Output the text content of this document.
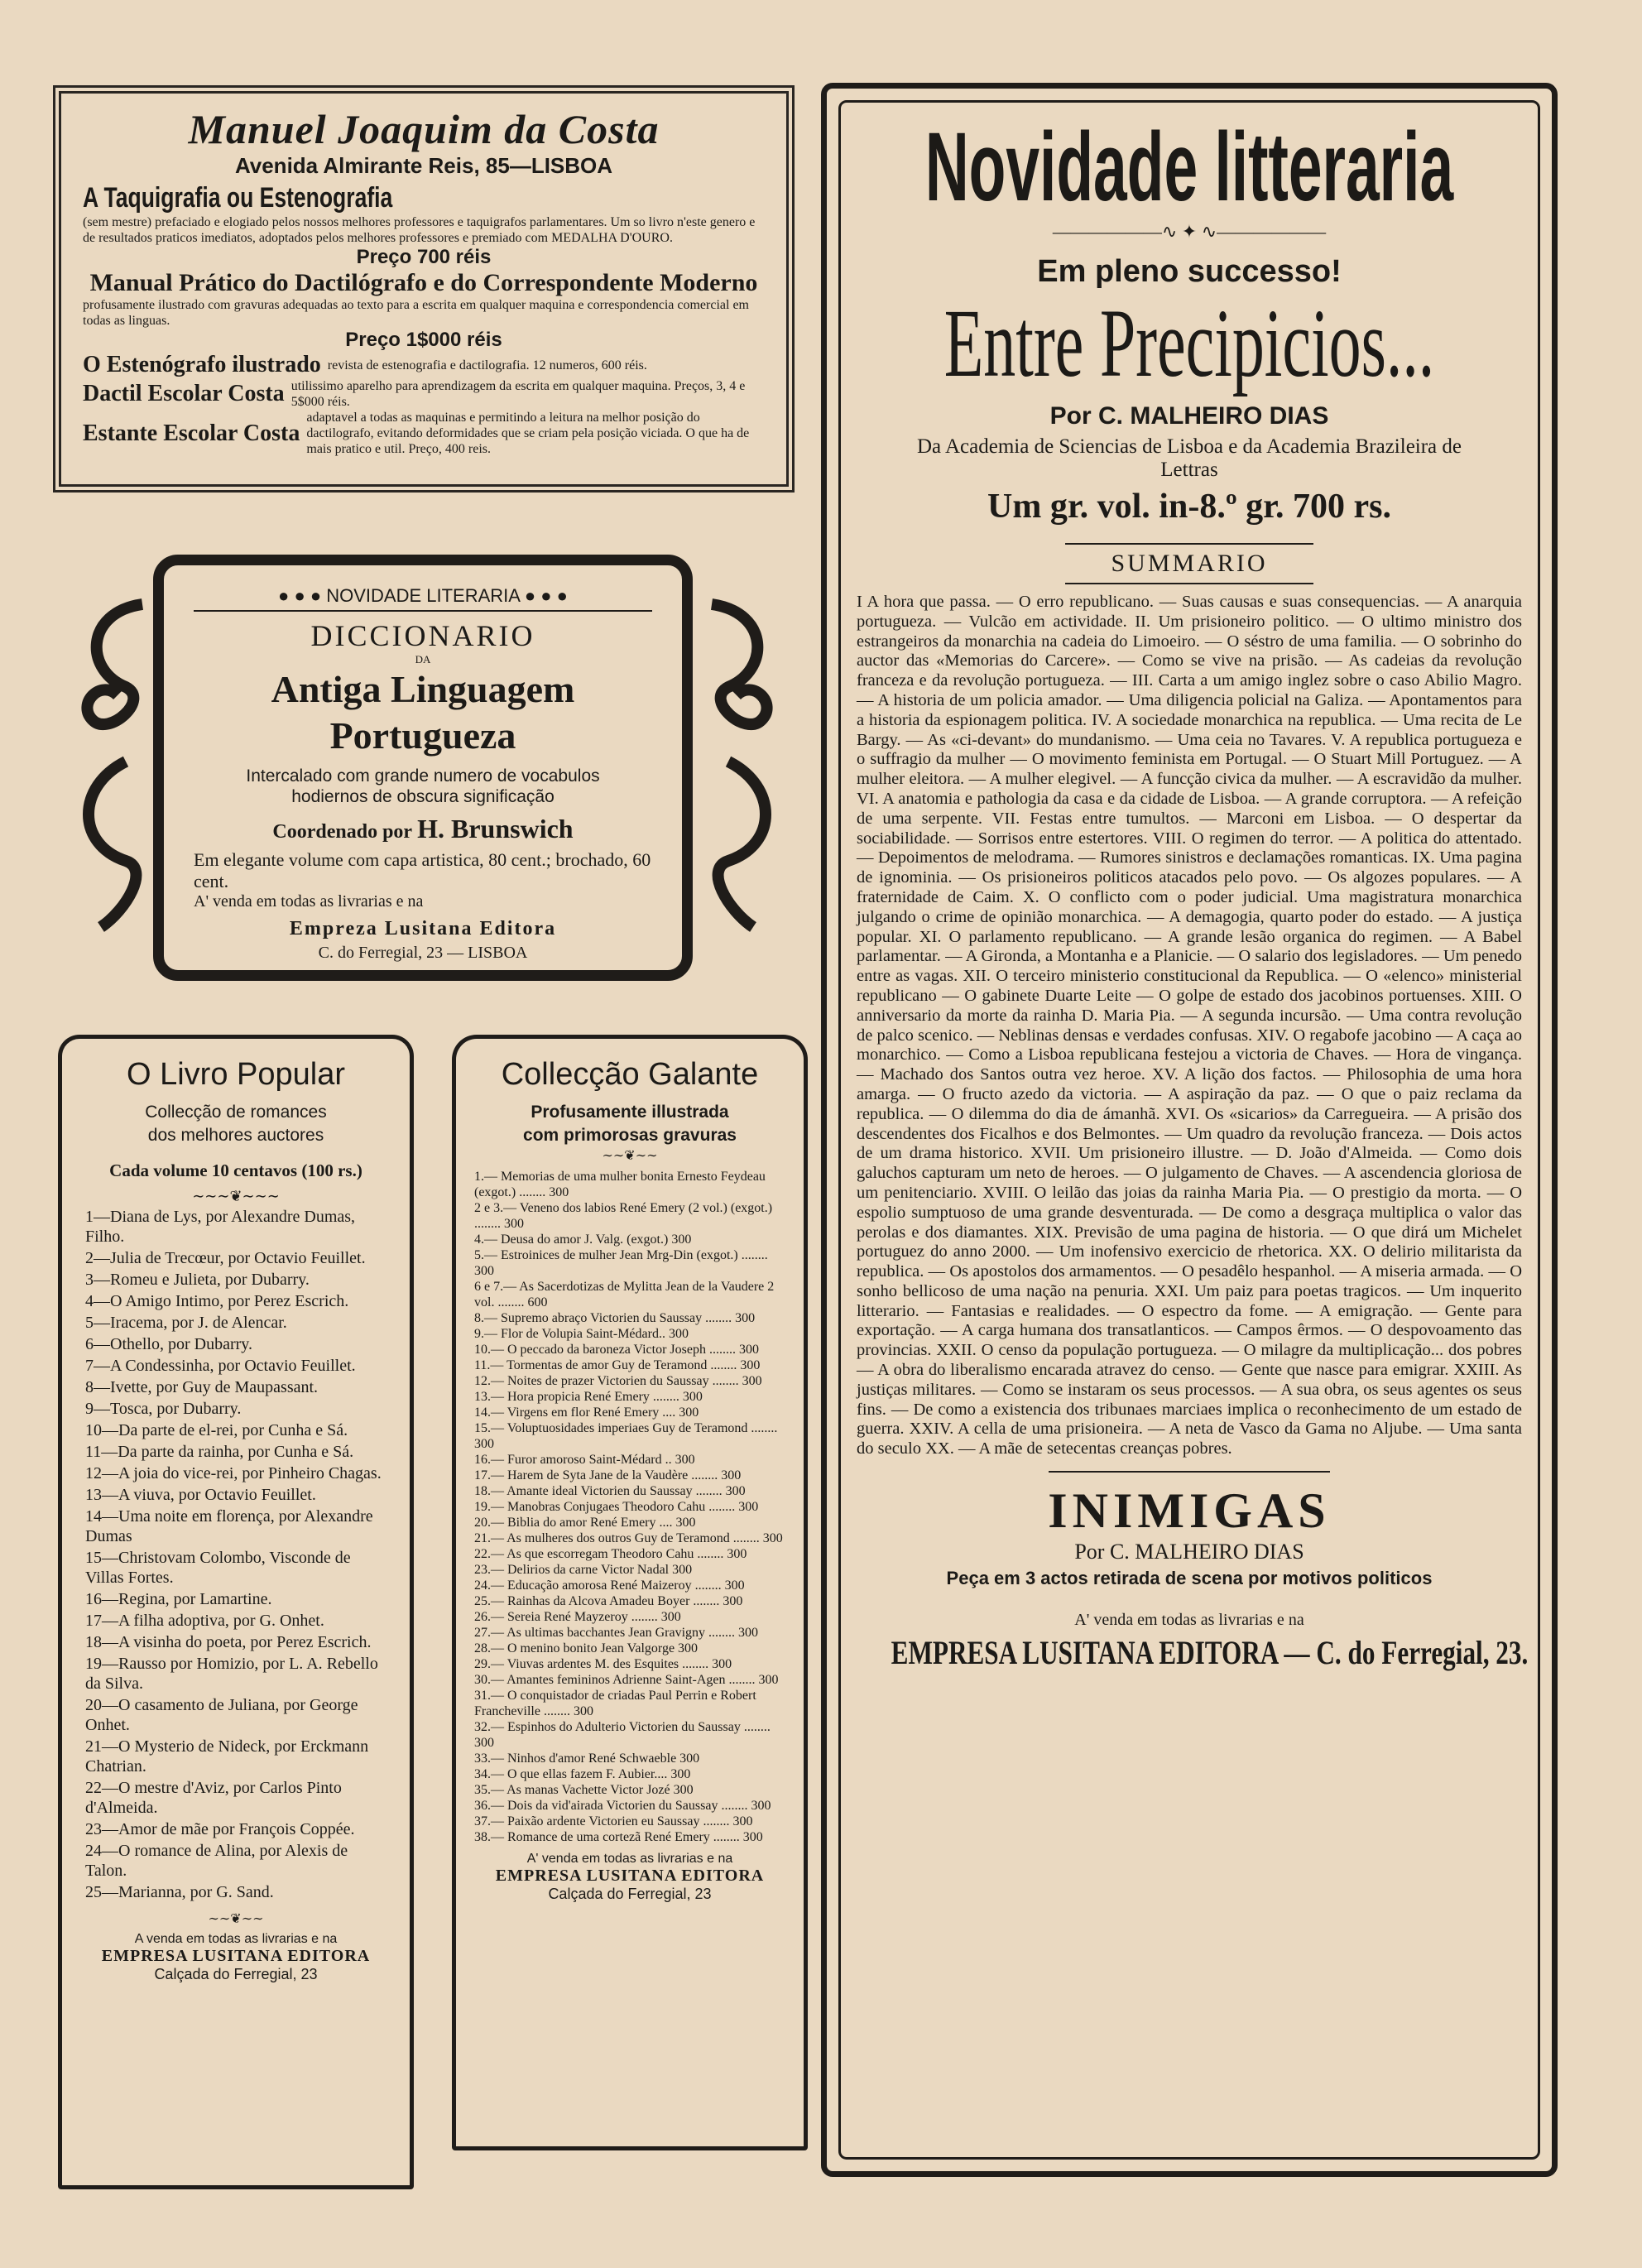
Manuel Joaquim da Costa
Avenida Almirante Reis, 85—LISBOA
A Taquigrafia ou Estenografia

(sem mestre) prefaciado e elogiado pelos nossos melhores professores e taquigrafos parlamentares. Um so livro n'este genero e de resultados praticos imediatos, adoptados pelos melhores professores e premiado com MEDALHA D'OURO.

Preço 700 réis
Manual Prático do Dactilógrafo e do Correspondente Moderno

profusamente ilustrado com gravuras adequadas ao texto para a escrita em qualquer maquina e correspondencia comercial em todas as linguas.

Preço 1$000 réis
O Estenógrafo ilustrado revista de estenografia e dactilografia. 12 numeros, 600 réis.

Dactil Escolar Costa utilissimo aparelho para aprendizagem da escrita em qualquer maquina. Preços, 3, 4 e 5$000 réis.

Estante Escolar Costa

adaptavel a todas as maquinas e permitindo a leitura na melhor posição do dactilografo, evitando deformidades que se criam pela posição viciada. O que ha de mais pratico e util. Preço, 400 reis.

● ● ● NOVIDADE LITERARIA ● ● ●
DICCIONARIO
DA
Antiga Linguagem Portugueza
Intercalado com grande numero de vocabulos hodiernos de obscura significação
Coordenado por H. Brunswich
Em elegante volume com capa artistica, 80 cent.; brochado, 60 cent.
A' venda em todas as livrarias e na
Empreza Lusitana Editora
C. do Ferregial, 23 — LISBOA
O Livro Popular
Collecção de romances
dos melhores auctores
Cada volume 10 centavos (100 rs.)
∼∼∼❦∼∼∼

1—Diana de Lys, por Alexandre Dumas, Filho.

2—Julia de Trecœur, por Octavio Feuillet.

3—Romeu e Julieta, por Dubarry.

4—O Amigo Intimo, por Perez Escrich.

5—Iracema, por J. de Alencar.

6—Othello, por Dubarry.

7—A Condessinha, por Octavio Feuillet.

8—Ivette, por Guy de Maupassant.

9—Tosca, por Dubarry.

10—Da parte de el-rei, por Cunha e Sá.

11—Da parte da rainha, por Cunha e Sá.

12—A joia do vice-rei, por Pinheiro Chagas.

13—A viuva, por Octavio Feuillet.

14—Uma noite em florença, por Alexandre Dumas

15—Christovam Colombo, Visconde de Villas Fortes.

16—Regina, por Lamartine.

17—A filha adoptiva, por G. Onhet.

18—A visinha do poeta, por Perez Escrich.

19—Rausso por Homizio, por L. A. Rebello da Silva.

20—O casamento de Juliana, por George Onhet.

21—O Mysterio de Nideck, por Erckmann Chatrian.

22—O mestre d'Aviz, por Carlos Pinto d'Almeida.

23—Amor de mãe por François Coppée.

24—O romance de Alina, por Alexis de Talon.

25—Marianna, por G. Sand.

∼∼❦∼∼
A venda em todas as livrarias e na
EMPRESA LUSITANA EDITORA
Calçada do Ferregial, 23
Collecção Galante
Profusamente illustrada
com primorosas gravuras
∼∼❦∼∼

1.— Memorias de uma mulher bonita Ernesto Feydeau (exgot.) ........ 300

2 e 3.— Veneno dos labios René Emery (2 vol.) (exgot.) ........ 300

4.— Deusa do amor J. Valg. (exgot.) 300

5.— Estroinices de mulher Jean Mrg-Din (exgot.) ........ 300

6 e 7.— As Sacerdotizas de Mylitta Jean de la Vaudere 2 vol. ........ 600

8.— Supremo abraço Victorien du Saussay ........ 300

9.— Flor de Volupia Saint-Médard.. 300

10.— O peccado da baroneza Victor Joseph ........ 300

11.— Tormentas de amor Guy de Teramond ........ 300

12.— Noites de prazer Victorien du Saussay ........ 300

13.— Hora propicia René Emery ........ 300

14.— Virgens em flor René Emery .... 300

15.— Voluptuosidades imperiaes Guy de Teramond ........ 300

16.— Furor amoroso Saint-Médard .. 300

17.— Harem de Syta Jane de la Vaudère ........ 300

18.— Amante ideal Victorien du Saussay ........ 300

19.— Manobras Conjugaes Theodoro Cahu ........ 300

20.— Biblia do amor René Emery .... 300

21.— As mulheres dos outros Guy de Teramond ........ 300

22.— As que escorregam Theodoro Cahu ........ 300

23.— Delirios da carne Victor Nadal 300

24.— Educação amorosa René Maizeroy ........ 300

25.— Rainhas da Alcova Amadeu Boyer ........ 300

26.— Sereia René Mayzeroy ........ 300

27.— As ultimas bacchantes Jean Gravigny ........ 300

28.— O menino bonito Jean Valgorge 300

29.— Viuvas ardentes M. des Esquites ........ 300

30.— Amantes femininos Adrienne Saint-Agen ........ 300

31.— O conquistador de criadas Paul Perrin e Robert Francheville ........ 300

32.— Espinhos do Adulterio Victorien du Saussay ........ 300

33.— Ninhos d'amor René Schwaeble 300

34.— O que ellas fazem F. Aubier.... 300

35.— As manas Vachette Victor Jozé 300

36.— Dois da vid'airada Victorien du Saussay ........ 300

37.— Paixão ardente Victorien eu Saussay ........ 300

38.— Romance de uma cortezã René Emery ........ 300

A' venda em todas as livrarias e na
EMPRESA LUSITANA EDITORA
Calçada do Ferregial, 23
Novidade litteraria
——————∿ ✦ ∿——————
Em pleno successo!
Entre Precipicios...
Por C. MALHEIRO DIAS
Da Academia de Sciencias de Lisboa e da Academia Brazileira de Lettras
Um gr. vol. in-8.º gr. 700 rs.
SUMMARIO

I A hora que passa. — O erro republicano. — Suas causas e suas consequencias. — A anarquia portugueza. — Vulcão em actividade. II. Um prisioneiro politico. — O ultimo ministro dos estrangeiros da monarchia na cadeia do Limoeiro. — O séstro de uma familia. — O sobrinho do auctor das «Memorias do Carcere». — Como se vive na prisão. — As cadeias da revolução franceza e da revolução portugueza. — III. Carta a um amigo inglez sobre o caso Abilio Magro. — A historia de um policia amador. — Uma diligencia policial na Galiza. — Apontamentos para a historia da espionagem politica. IV. A sociedade monarchica na republica. — Uma recita de Le Bargy. — As «ci-devant» do mundanismo. — Uma ceia no Tavares. V. A republica portugueza e o suffragio da mulher — O movimento feminista em Portugal. — O Stuart Mill Portuguez. — A mulher eleitora. — A mulher elegivel. — A funcção civica da mulher. — A escravidão da mulher. VI. A anatomia e pathologia da casa e da cidade de Lisboa. — A grande corruptora. — A refeição de uma serpente. VII. Festas entre tumultos. — Marconi em Lisboa. — O despertar da sociabilidade. — Sorrisos entre estertores. VIII. O regimen do terror. — A politica do attentado. — Depoimentos de melodrama. — Rumores sinistros e declamações romanticas. IX. Uma pagina de ignominia. — Os prisioneiros politicos atacados pelo povo. — Os algozes populares. — A fraternidade de Caim. X. O conflicto com o poder judicial. Uma magistratura monarchica julgando o crime de opinião monarchica. — A demagogia, quarto poder do estado. — A justiça popular. XI. O parlamento republicano. — A grande lesão organica do regimen. — A Babel parlamentar. — A Gironda, a Montanha e a Planicie. — O salario dos legisladores. — Um penedo entre as vagas. XII. O terceiro ministerio constitucional da Republica. — O «elenco» ministerial republicano — O gabinete Duarte Leite — O golpe de estado dos jacobinos portuenses. XIII. O anniversario da morte da rainha D. Maria Pia. — A segunda incursão. — Uma contra revolução de palco scenico. — Neblinas densas e verdades confusas. XIV. O regabofe jacobino — A caça ao monarchico. — Como a Lisboa republicana festejou a victoria de Chaves. — Hora de vingança. — Machado dos Santos outra vez heroe. XV. A lição dos factos. — Philosophia de uma hora amarga. — O fructo azedo da victoria. — A aspiração da paz. — O que o paiz reclama da republica. — O dilemma do dia de ámanhã. XVI. Os «sicarios» da Carregueira. — A prisão dos descendentes dos Ficalhos e dos Belmontes. — Um quadro da revolução franceza. — Dois actos de um drama historico. XVII. Um prisioneiro illustre. — D. João d'Almeida. — Como dois galuchos capturam um neto de heroes. — O julgamento de Chaves. — A ascendencia gloriosa de um penitenciario. XVIII. O leilão das joias da rainha Maria Pia. — O prestigio da morta. — O espolio sumptuoso de uma grande desventurada. — De como a desgraça multiplica o valor das perolas e dos diamantes. XIX. Previsão de uma pagina de historia. — O que dirá um Michelet portuguez do anno 2000. — Um inofensivo exercicio de rhetorica. XX. O delirio militarista da republica. — Os apostolos dos armamentos. — O pesadêlo hespanhol. — A miseria armada. — O sonho bellicoso de uma nação na penuria. XXI. Um paiz para poetas tragicos. — Um inquerito litterario. — Fantasias e realidades. — O espectro da fome. — A emigração. — Gente para exportação. — A carga humana dos transatlanticos. — Campos êrmos. — O despovoamento das provincias. XXII. O censo da população portugueza. — O milagre da multiplicação... dos pobres — A obra do liberalismo encarada atravez do censo. — Gente que nasce para emigrar. XXIII. As justiças militares. — Como se instaram os seus processos. — A sua obra, os seus agentes os seus fins. — De como a existencia dos tribunaes marciaes implica o reconhecimento de um estado de guerra. XXIV. A cella de uma prisioneira. — A neta de Vasco da Gama no Aljube. — Uma santa do seculo XX. — A mãe de setecentas creanças pobres.

INIMIGAS
Por C. MALHEIRO DIAS
Peça em 3 actos retirada de scena por motivos politicos
A' venda em todas as livrarias e na
EMPRESA LUSITANA EDITORA — C. do Ferregial, 23.
